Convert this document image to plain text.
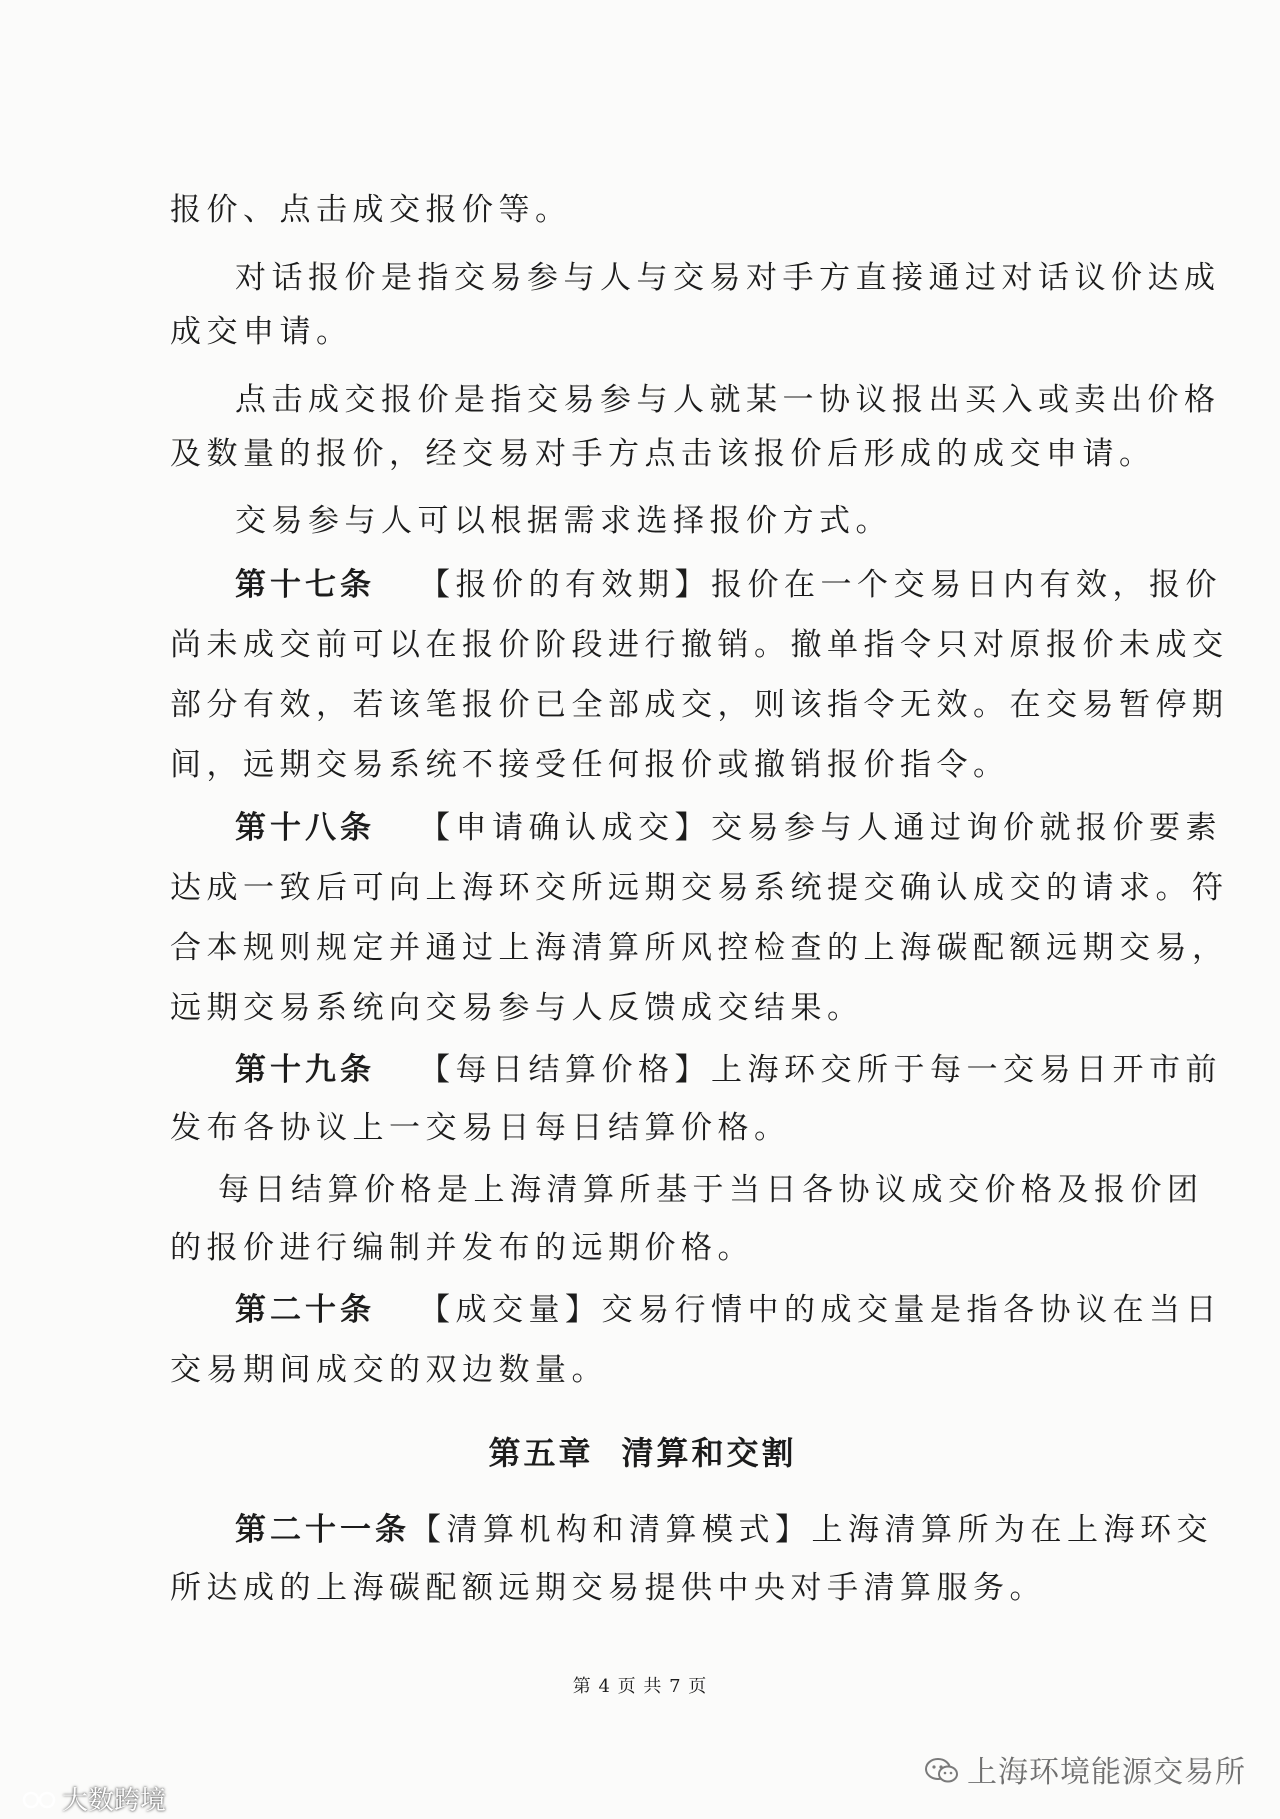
报价、点击成交报价等。
对话报价是指交易参与人与交易对手方直接通过对话议价达成
成交申请。
点击成交报价是指交易参与人就某一协议报出买入或卖出价格
及数量的报价，经交易对手方点击该报价后形成的成交申请。
交易参与人可以根据需求选择报价方式。
第十七条 【报价的有效期】报价在一个交易日内有效，报价
尚未成交前可以在报价阶段进行撤销。撤单指令只对原报价未成交
部分有效，若该笔报价已全部成交，则该指令无效。在交易暂停期
间，远期交易系统不接受任何报价或撤销报价指令。
第十八条 【申请确认成交】交易参与人通过询价就报价要素
达成一致后可向上海环交所远期交易系统提交确认成交的请求。符
合本规则规定并通过上海清算所风控检查的上海碳配额远期交易，
远期交易系统向交易参与人反馈成交结果。
第十九条 【每日结算价格】上海环交所于每一交易日开市前
发布各协议上一交易日每日结算价格。
每日结算价格是上海清算所基于当日各协议成交价格及报价团
的报价进行编制并发布的远期价格。
第二十条 【成交量】交易行情中的成交量是指各协议在当日
交易期间成交的双边数量。
第五章 清算和交割
第二十一条【清算机构和清算模式】上海清算所为在上海环交
所达成的上海碳配额远期交易提供中央对手清算服务。
第 4 页 共 7 页
上海环境能源交易所
大数跨境
